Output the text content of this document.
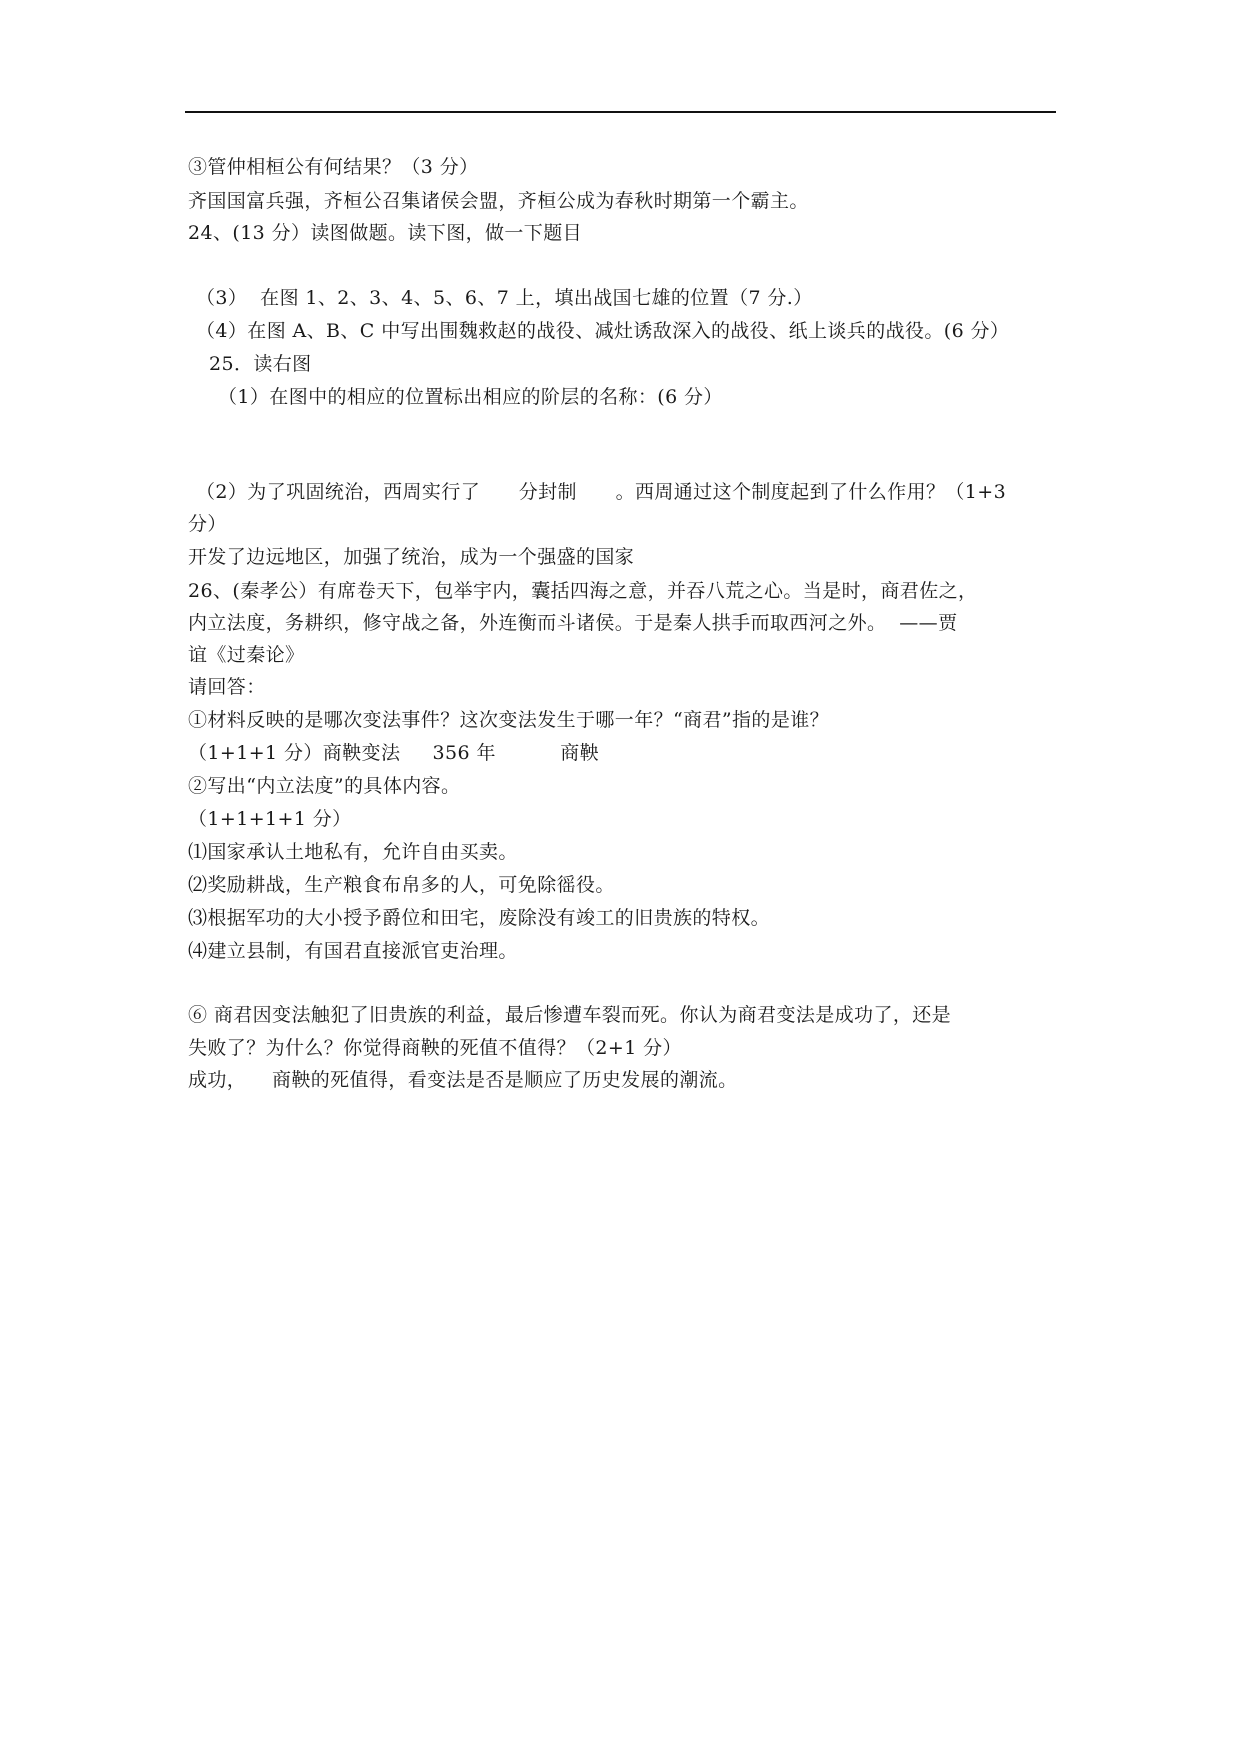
③管仲相桓公有何结果？（3 分）
齐国国富兵强，齐桓公召集诸侯会盟，齐桓公成为春秋时期第一个霸主。
24、(13 分）读图做题。读下图，做一下题目
（3）  在图 1、2、3、4、5、6、7 上，填出战国七雄的位置（7 分.）
（4）在图 A、B、C 中写出围魏救赵的战役、减灶诱敌深入的战役、纸上谈兵的战役。(6 分）
25．读右图
（1）在图中的相应的位置标出相应的阶层的名称：(6 分）
（2）为了巩固统治，西周实行了      分封制      。西周通过这个制度起到了什么作用？（1+3
分）
开发了边远地区，加强了统治，成为一个强盛的国家
26、(秦孝公）有席卷天下，包举宇内，囊括四海之意，并吞八荒之心。当是时，商君佐之，
内立法度，务耕织，修守战之备，外连衡而斗诸侯。于是秦人拱手而取西河之外。  ——贾
谊《过秦论》
请回答：
①材料反映的是哪次变法事件？这次变法发生于哪一年？“商君”指的是谁？
（1+1+1 分）商鞅变法     356 年          商鞅
②写出“内立法度”的具体内容。
（1+1+1+1 分）
⑴国家承认土地私有，允许自由买卖。
⑵奖励耕战，生产粮食布帛多的人，可免除徭役。
⑶根据军功的大小授予爵位和田宅，废除没有竣工的旧贵族的特权。
⑷建立县制，有国君直接派官吏治理。
⑥ 商君因变法触犯了旧贵族的利益，最后惨遭车裂而死。你认为商君变法是成功了，还是
失败了？为什么？你觉得商鞅的死值不值得？（2+1 分）
成功，    商鞅的死值得，看变法是否是顺应了历史发展的潮流。
